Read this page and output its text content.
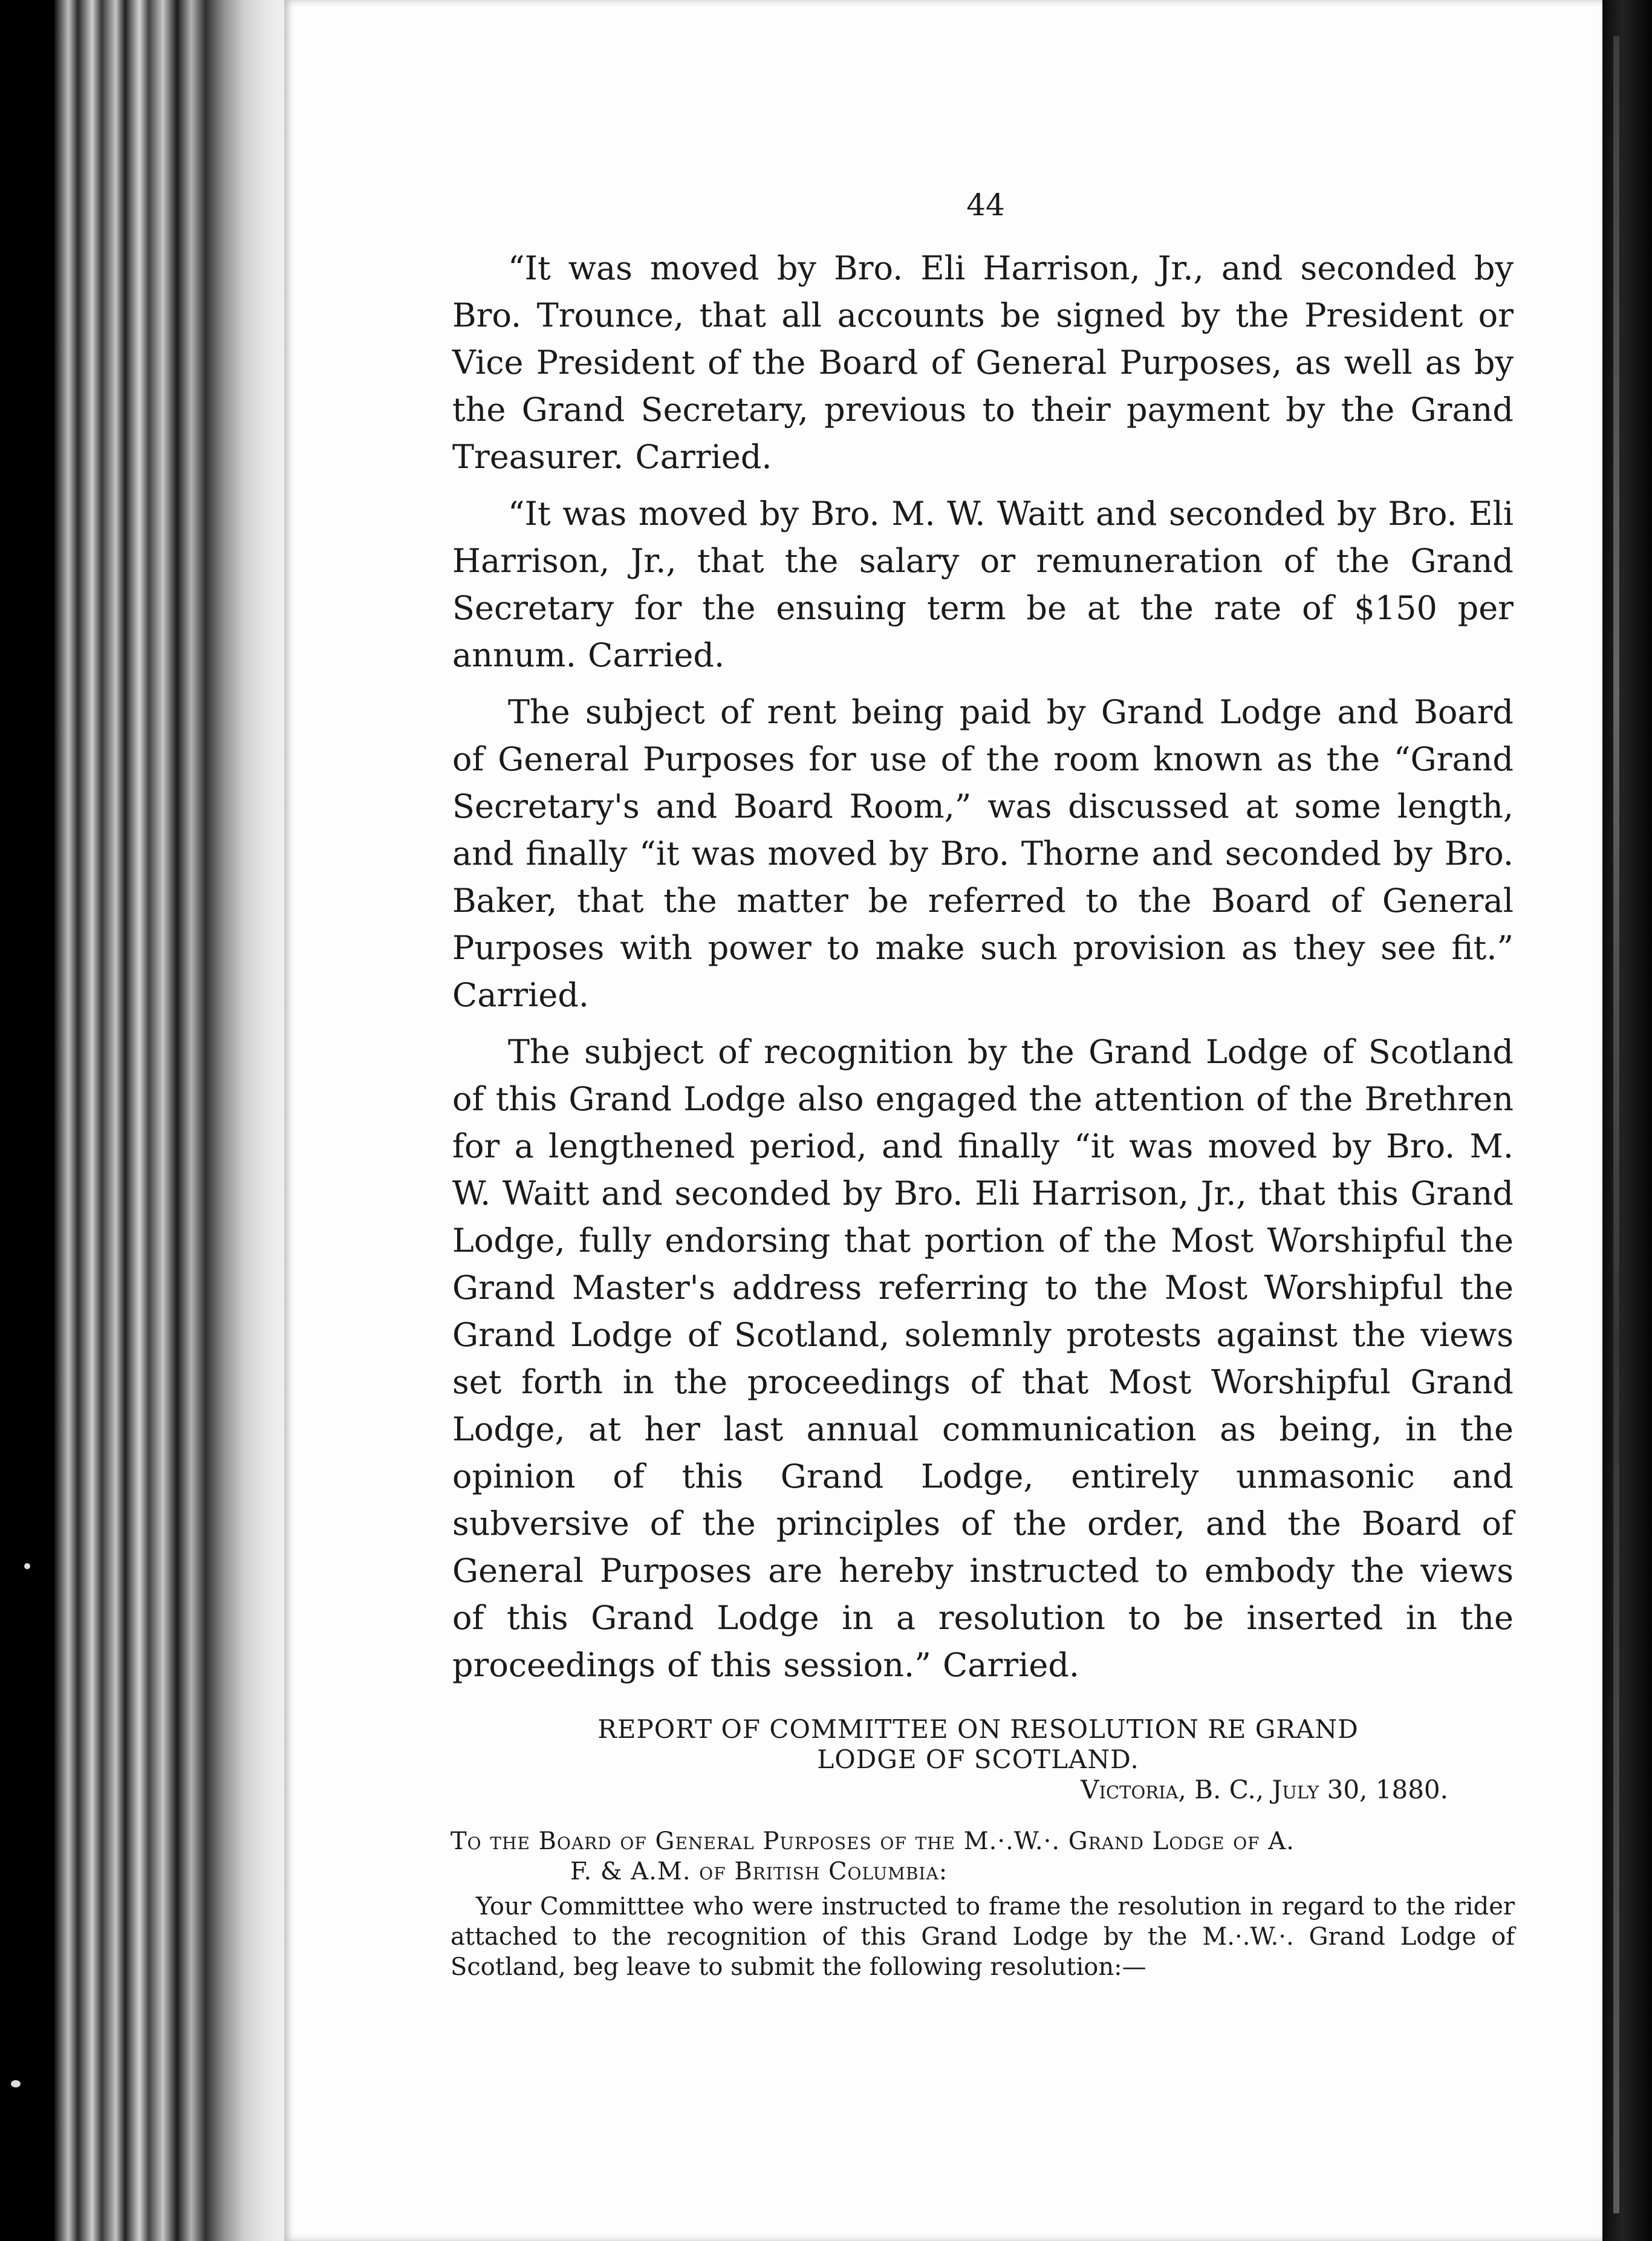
44

“It was moved by Bro. Eli Harrison, Jr., and seconded by Bro. Trounce, that all accounts be signed by the President or Vice President of the Board of General Purposes, as well as by the Grand Secretary, previous to their payment by the Grand Treasurer. Carried.

“It was moved by Bro. M. W. Waitt and seconded by Bro. Eli Harrison, Jr., that the salary or remuneration of the Grand Secretary for the ensuing term be at the rate of $150 per annum. Carried.

The subject of rent being paid by Grand Lodge and Board of General Purposes for use of the room known as the “Grand Secretary's and Board Room,” was discussed at some length, and finally “it was moved by Bro. Thorne and seconded by Bro. Baker, that the matter be referred to the Board of General Purposes with power to make such provision as they see fit.” Carried.

The subject of recognition by the Grand Lodge of Scotland of this Grand Lodge also engaged the attention of the Brethren for a lengthened period, and finally “it was moved by Bro. M. W. Waitt and seconded by Bro. Eli Harrison, Jr., that this Grand Lodge, fully endorsing that portion of the Most Worshipful the Grand Master's address referring to the Most Worshipful the Grand Lodge of Scotland, solemnly protests against the views set forth in the proceedings of that Most Worshipful Grand Lodge, at her last annual communication as being, in the opinion of this Grand Lodge, entirely unmasonic and subversive of the principles of the order, and the Board of General Purposes are hereby instructed to embody the views of this Grand Lodge in a resolution to be inserted in the proceedings of this session.” Carried.

REPORT OF COMMITTEE ON RESOLUTION RE GRAND
LODGE OF SCOTLAND.
Victoria, B. C., July 30, 1880.
To the Board of General Purposes of the M.·.W.·. Grand Lodge of A.
F. & A.M. of British Columbia:

Your Committtee who were instructed to frame the resolution in regard to the rider attached to the recognition of this Grand Lodge by the M.·.W.·. Grand Lodge of Scotland, beg leave to submit the following resolution:—
